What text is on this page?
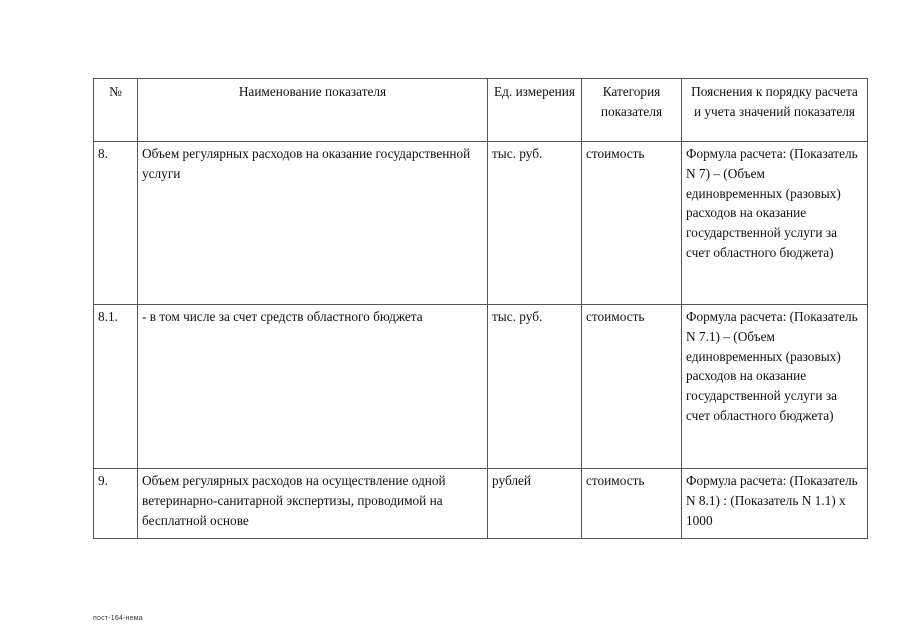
№	Наименование показателя	Ед. измерения	Категория показателя	Пояснения к порядку расчета и учета значений показателя
8.	Объем регулярных расходов на оказание государственной услуги	тыс. руб.	стоимость	Формула расчета: (Показатель N 7) – (Объем единовременных (разовых) расходов на оказание государственной услуги за счет областного бюджета)
8.1.	- в том числе за счет средств областного бюджета	тыс. руб.	стоимость	Формула расчета: (Показатель N 7.1) – (Объем единовременных (разовых) расходов на оказание государственной услуги за счет областного бюджета)
9.	Объем регулярных расходов на осуществление одной ветеринарно-санитарной экспертизы, проводимой на бесплатной основе	рублей	стоимость	Формула расчета: (Показатель N 8.1) : (Показатель N 1.1) x 1000
пост-164-нема
